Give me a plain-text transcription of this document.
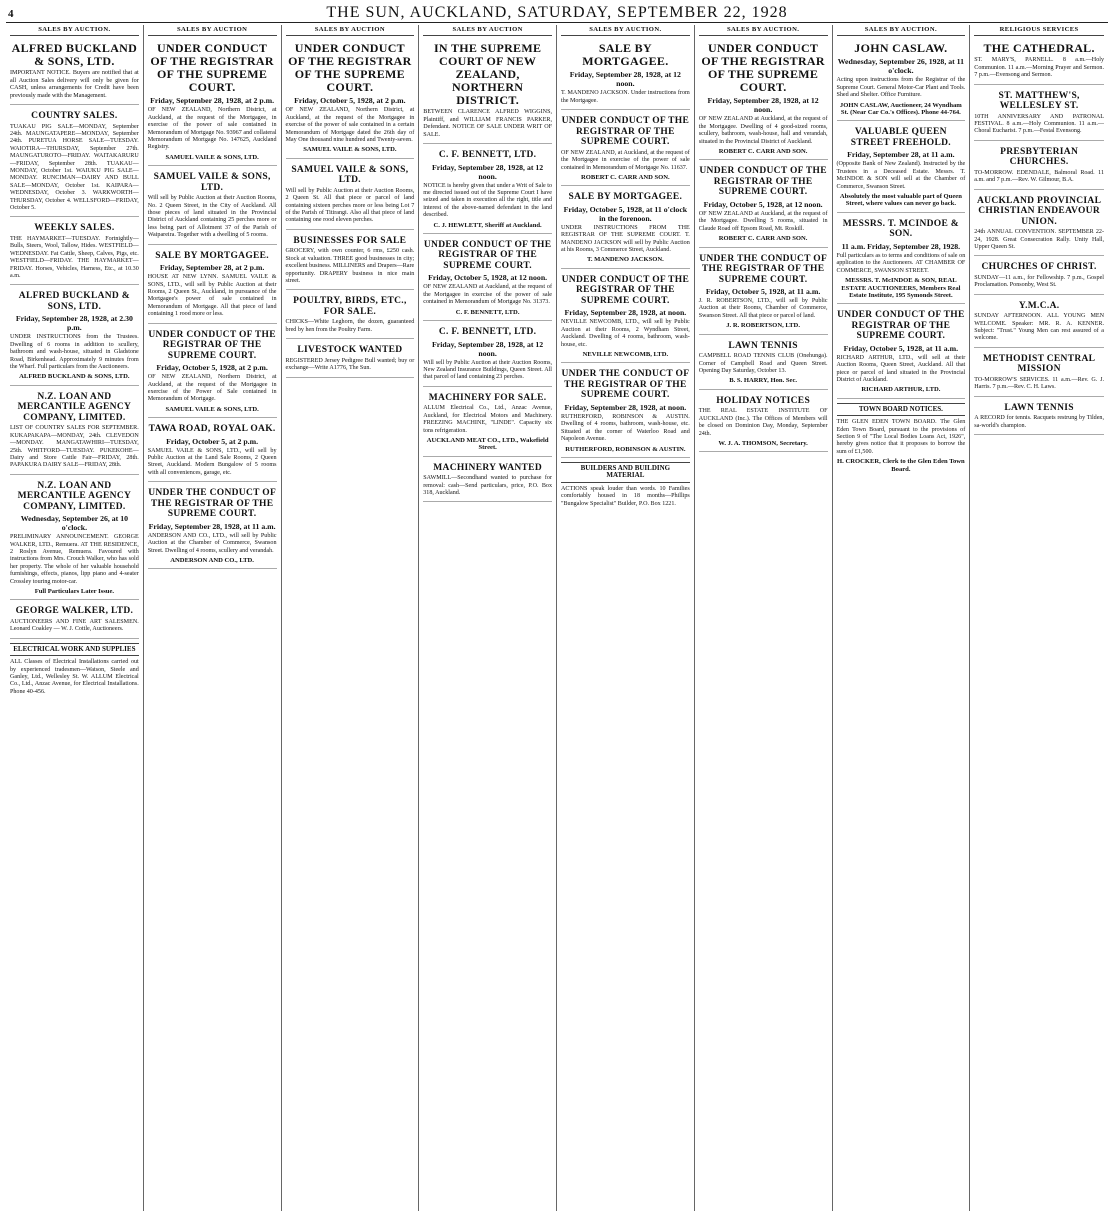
4	THE SUN, AUCKLAND, SATURDAY, SEPTEMBER 22, 1928
SALES BY AUCTION.
ALFRED BUCKLAND & SONS, LTD.

IMPORTANT NOTICE. Buyers are notified that at all Auction Sales delivery will only be given for CASH, unless arrangements for Credit have been previously made with the Management.

COUNTRY SALES.

TUAKAU PIG SALE—MONDAY, September 24th. MAUNGATAPERE—MONDAY, September 24th. PURETUA HORSE SALE—TUESDAY. WAIOTIRA—THURSDAY, September 27th. MAUNGATUROTO—FRIDAY. WAITAKARURU—FRIDAY, September 28th. TUAKAU—MONDAY, October 1st. WAIUKU PIG SALE—MONDAY. RUNCIMAN—DAIRY AND BULL SALE—MONDAY, October 1st. KAIPARA—WEDNESDAY, October 3. WARKWORTH—THURSDAY, October 4. WELLSFORD—FRIDAY, October 5.

WEEKLY SALES.

THE HAYMARKET—TUESDAY. Fortnightly—Bulls, Steers, Wool, Tallow, Hides. WESTFIELD—WEDNESDAY. Fat Cattle, Sheep, Calves, Pigs, etc. WESTFIELD—FRIDAY. THE HAYMARKET—FRIDAY. Horses, Vehicles, Harness, Etc., at 10.30 a.m.

ALFRED BUCKLAND & SONS, LTD.
Friday, September 28, 1928, at 2.30 p.m.

UNDER INSTRUCTIONS from the Trustees. Dwelling of 6 rooms in addition to scullery, bathroom and wash-house, situated in Gladstone Road, Birkenhead. Approximately 9 minutes from the Wharf. Full particulars from the Auctioneers.

ALFRED BUCKLAND & SONS, LTD.
N.Z. LOAN AND MERCANTILE AGENCY COMPANY, LIMITED.

LIST OF COUNTRY SALES FOR SEPTEMBER. KUKAPAKAPA—MONDAY, 24th. CLEVEDON—MONDAY. MANGATAWHIRI—TUESDAY, 25th. WHITFORD—TUESDAY. PUKEKOHE—Dairy and Store Cattle Fair—FRIDAY, 28th. PAPAKURA DAIRY SALE—FRIDAY, 28th.

N.Z. LOAN AND MERCANTILE AGENCY COMPANY, LIMITED.
Wednesday, September 26, at 10 o'clock.

PRELIMINARY ANNOUNCEMENT. GEORGE WALKER, LTD., Remuera. AT THE RESIDENCE, 2 Roslyn Avenue, Remuera. Favoured with instructions from Mrs. Crouch Walker, who has sold her property. The whole of her valuable household furnishings, effects, pianos, lipp piano and 4-seater Crossley touring motor-car.

Full Particulars Later Issue.
GEORGE WALKER, LTD.

AUCTIONEERS AND FINE ART SALESMEN. Leonard Coakley — W. J. Cottle, Auctioneers.

ELECTRICAL WORK AND SUPPLIES

ALL Classes of Electrical Installations carried out by experienced tradesmen—Watson, Steele and Ganley, Ltd., Wellesley St. W. ALLUM Electrical Co., Ltd., Anzac Avenue, for Electrical Installations. Phone 40-456.

SALES BY AUCTION
UNDER CONDUCT OF THE REGISTRAR OF THE SUPREME COURT.
Friday, September 28, 1928, at 2 p.m.

OF NEW ZEALAND, Northern District, at Auckland, at the request of the Mortgagee, in exercise of the power of sale contained in Memorandum of Mortgage No. 93967 and collateral Memorandum of Mortgage No. 147625, Auckland Registry.

SAMUEL VAILE & SONS, LTD.
SAMUEL VAILE & SONS, LTD.

Will sell by Public Auction at their Auction Rooms, No. 2 Queen Street, in the City of Auckland. All those pieces of land situated in the Provincial District of Auckland containing 25 perches more or less being part of Allotment 37 of the Parish of Waipareira. Together with a dwelling of 5 rooms.

SALE BY MORTGAGEE.
Friday, September 28, at 2 p.m.

HOUSE AT NEW LYNN. SAMUEL VAILE & SONS, LTD., will sell by Public Auction at their Rooms, 2 Queen St., Auckland, in pursuance of the Mortgagee's power of sale contained in Memorandum of Mortgage. All that piece of land containing 1 rood more or less.

UNDER CONDUCT OF THE REGISTRAR OF THE SUPREME COURT.
Friday, October 5, 1928, at 2 p.m.

OF NEW ZEALAND, Northern District, at Auckland, at the request of the Mortgagee in exercise of the Power of Sale contained in Memorandum of Mortgage.

SAMUEL VAILE & SONS, LTD.
TAWA ROAD, ROYAL OAK.
Friday, October 5, at 2 p.m.

SAMUEL VAILE & SONS, LTD., will sell by Public Auction at the Land Sale Rooms, 2 Queen Street, Auckland. Modern Bungalow of 5 rooms with all conveniences, garage, etc.

UNDER THE CONDUCT OF THE REGISTRAR OF THE SUPREME COURT.
Friday, September 28, 1928, at 11 a.m.

ANDERSON AND CO., LTD., will sell by Public Auction at the Chamber of Commerce, Swanson Street. Dwelling of 4 rooms, scullery and verandah.

ANDERSON AND CO., LTD.
SALES BY AUCTION
UNDER CONDUCT OF THE REGISTRAR OF THE SUPREME COURT.
Friday, October 5, 1928, at 2 p.m.

OF NEW ZEALAND, Northern District, at Auckland, at the request of the Mortgagee in exercise of the power of sale contained in a certain Memorandum of Mortgage dated the 26th day of May One thousand nine hundred and Twenty-seven.

SAMUEL VAILE & SONS, LTD.
SAMUEL VAILE & SONS, LTD.

Will sell by Public Auction at their Auction Rooms, 2 Queen St. All that piece or parcel of land containing sixteen perches more or less being Lot 7 of the Parish of Titirangi. Also all that piece of land containing one rood eleven perches.

BUSINESSES FOR SALE

GROCERY, with own counter, 6 rms, £250 cash. Stock at valuation. THREE good businesses in city; excellent business. MILLINERS and Drapers—Rare opportunity. DRAPERY business in nice main street.

POULTRY, BIRDS, ETC., FOR SALE.

CHICKS—White Leghorn, the dozen, guaranteed bred by hen from the Poultry Farm.

LIVESTOCK WANTED

REGISTERED Jersey Pedigree Bull wanted; buy or exchange—Write A1776, The Sun.

SALES BY AUCTION
IN THE SUPREME COURT OF NEW ZEALAND, NORTHERN DISTRICT.

BETWEEN CLARENCE ALFRED WIGGINS, Plaintiff, and WILLIAM FRANCIS PARKER, Defendant. NOTICE OF SALE UNDER WRIT OF SALE.

C. F. BENNETT, LTD.
Friday, September 28, 1928, at 12 noon.

NOTICE is hereby given that under a Writ of Sale to me directed issued out of the Supreme Court I have seized and taken in execution all the right, title and interest of the above-named defendant in the land described.

C. J. HEWLETT, Sheriff at Auckland.
UNDER CONDUCT OF THE REGISTRAR OF THE SUPREME COURT.
Friday, October 5, 1928, at 12 noon.

OF NEW ZEALAND at Auckland, at the request of the Mortgagee in exercise of the power of sale contained in Memorandum of Mortgage No. 31373.

C. F. BENNETT, LTD.
C. F. BENNETT, LTD.
Friday, September 28, 1928, at 12 noon.

Will sell by Public Auction at their Auction Rooms, New Zealand Insurance Buildings, Queen Street. All that parcel of land containing 23 perches.

MACHINERY FOR SALE.

ALLUM Electrical Co., Ltd., Anzac Avenue, Auckland, for Electrical Motors and Machinery. FREEZING MACHINE, "LINDE". Capacity six tons refrigeration.

AUCKLAND MEAT CO., LTD., Wakefield Street.
MACHINERY WANTED

SAWMILL—Secondhand wanted to purchase for removal: cash—Send particulars, price, P.O. Box 318, Auckland.

SALES BY AUCTION.
SALE BY MORTGAGEE.
Friday, September 28, 1928, at 12 noon.

T. MANDENO JACKSON. Under instructions from the Mortgagee.

UNDER CONDUCT OF THE REGISTRAR OF THE SUPREME COURT.

OF NEW ZEALAND, at Auckland, at the request of the Mortgagee in exercise of the power of sale contained in Memorandum of Mortgage No. 11637.

ROBERT C. CARR AND SON.
SALE BY MORTGAGEE.
Friday, October 5, 1928, at 11 o'clock in the forenoon.

UNDER INSTRUCTIONS FROM THE REGISTRAR OF THE SUPREME COURT. T. MANDENO JACKSON will sell by Public Auction at his Rooms, 3 Commerce Street, Auckland.

T. MANDENO JACKSON.
UNDER CONDUCT OF THE REGISTRAR OF THE SUPREME COURT.
Friday, September 28, 1928, at noon.

NEVILLE NEWCOMB, LTD., will sell by Public Auction at their Rooms, 2 Wyndham Street, Auckland. Dwelling of 4 rooms, bathroom, wash-house, etc.

NEVILLE NEWCOMB, LTD.
UNDER THE CONDUCT OF THE REGISTRAR OF THE SUPREME COURT.
Friday, September 28, 1928, at noon.

RUTHERFORD, ROBINSON & AUSTIN. Dwelling of 4 rooms, bathroom, wash-house, etc. Situated at the corner of Waterloo Road and Napoleon Avenue.

RUTHERFORD, ROBINSON & AUSTIN.
BUILDERS AND BUILDING MATERIAL

ACTIONS speak louder than words. 10 Families comfortably housed in 18 months—Phillips "Bungalow Specialist" Builder, P.O. Box 1221.

SALES BY AUCTION.
UNDER CONDUCT OF THE REGISTRAR OF THE SUPREME COURT.
Friday, September 28, 1928, at 12 noon.

OF NEW ZEALAND at Auckland, at the request of the Mortgagee. Dwelling of 4 good-sized rooms, scullery, bathroom, wash-house, hall and verandah, situated in the Provincial District of Auckland.

ROBERT C. CARR AND SON.
UNDER CONDUCT OF THE REGISTRAR OF THE SUPREME COURT.
Friday, October 5, 1928, at 12 noon.

OF NEW ZEALAND at Auckland, at the request of the Mortgagee. Dwelling 5 rooms, situated in Claude Road off Epsom Road, Mt. Roskill.

ROBERT C. CARR AND SON.
UNDER THE CONDUCT OF THE REGISTRAR OF THE SUPREME COURT.
Friday, October 5, 1928, at 11 a.m.

J. R. ROBERTSON, LTD., will sell by Public Auction at their Rooms, Chamber of Commerce, Swanson Street. All that piece or parcel of land.

J. R. ROBERTSON, LTD.
LAWN TENNIS

CAMPBELL ROAD TENNIS CLUB (Onehunga). Corner of Campbell Road and Queen Street. Opening Day Saturday, October 13.

B. S. HARRY, Hon. Sec.
HOLIDAY NOTICES

THE REAL ESTATE INSTITUTE OF AUCKLAND (Inc.). The Offices of Members will be closed on Dominion Day, Monday, September 24th.

W. J. A. THOMSON, Secretary.
SALES BY AUCTION.
JOHN CASLAW.
Wednesday, September 26, 1928, at 11 o'clock.

Acting upon instructions from the Registrar of the Supreme Court. General Motor-Car Plant and Tools. Shed and Shelter. Office Furniture.

JOHN CASLAW, Auctioneer, 24 Wyndham St. (Near Car Co.'s Offices). Phone 44-764.
VALUABLE QUEEN STREET FREEHOLD.
Friday, September 28, at 11 a.m.

(Opposite Bank of New Zealand). Instructed by the Trustees in a Deceased Estate. Messrs. T. McINDOE & SON will sell at the Chamber of Commerce, Swanson Street.

Absolutely the most valuable part of Queen Street, where values can never go back.
MESSRS. T. MCINDOE & SON.
11 a.m. Friday, September 28, 1928.

Full particulars as to terms and conditions of sale on application to the Auctioneers. AT CHAMBER OF COMMERCE, SWANSON STREET.

MESSRS. T. McINDOE & SON, REAL ESTATE AUCTIONEERS, Members Real Estate Institute, 195 Symonds Street.
UNDER CONDUCT OF THE REGISTRAR OF THE SUPREME COURT.
Friday, October 5, 1928, at 11 a.m.

RICHARD ARTHUR, LTD., will sell at their Auction Rooms, Queen Street, Auckland. All that piece or parcel of land situated in the Provincial District of Auckland.

RICHARD ARTHUR, LTD.
TOWN BOARD NOTICES.

THE GLEN EDEN TOWN BOARD. The Glen Eden Town Board, pursuant to the provisions of Section 9 of "The Local Bodies Loans Act, 1926", hereby gives notice that it proposes to borrow the sum of £1,500.

H. CROCKER, Clerk to the Glen Eden Town Board.
RELIGIOUS SERVICES
THE CATHEDRAL.

ST. MARY'S, PARNELL. 8 a.m.—Holy Communion. 11 a.m.—Morning Prayer and Sermon. 7 p.m.—Evensong and Sermon.

ST. MATTHEW'S, WELLESLEY ST.

10TH ANNIVERSARY AND PATRONAL FESTIVAL. 8 a.m.—Holy Communion. 11 a.m.—Choral Eucharist. 7 p.m.—Festal Evensong.

PRESBYTERIAN CHURCHES.

TO-MORROW. EDENDALE, Balmoral Road. 11 a.m. and 7 p.m.—Rev. W. Gilmour, B.A.

AUCKLAND PROVINCIAL CHRISTIAN ENDEAVOUR UNION.

24th ANNUAL CONVENTION. SEPTEMBER 22-24, 1928. Great Consecration Rally. Unity Hall, Upper Queen St.

CHURCHES OF CHRIST.

SUNDAY—11 a.m., for Fellowship. 7 p.m., Gospel Proclamation. Ponsonby, West St.

Y.M.C.A.

SUNDAY AFTERNOON. ALL YOUNG MEN WELCOME. Speaker: MR. R. A. KENNER. Subject: "Trust." Young Men can rest assured of a welcome.

METHODIST CENTRAL MISSION

TO-MORROW'S SERVICES. 11 a.m.—Rev. G. J. Harris. 7 p.m.—Rev. C. H. Laws.

LAWN TENNIS

A RECORD for tennis. Racquets restrung by Tilden, sa-world's champion.
